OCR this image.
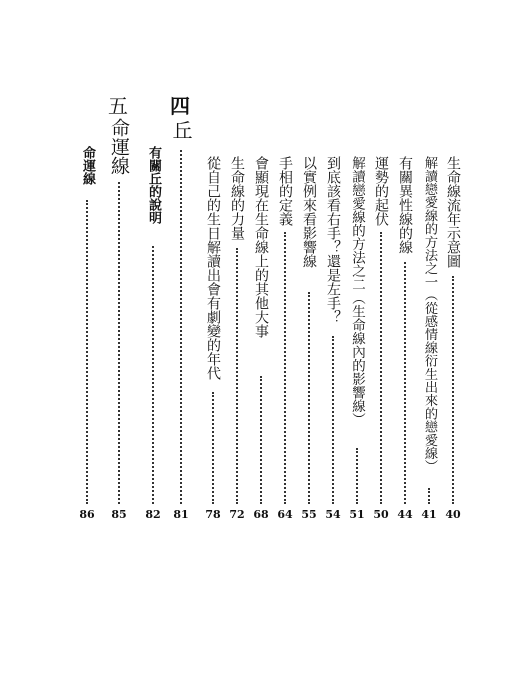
四
五
生命線流年示意圖
40
解讀戀愛線的方法之一（從感情線衍生出來的戀愛線）
41
有關異性線的線
44
運勢的起伏
50
解讀戀愛線的方法之二（生命線內的影響線）
51
到底該看右手？還是左手？
54
以實例來看影響線
55
手相的定義
64
會顯現在生命線上的其他大事
68
生命線的力量
72
從自己的生日解讀出會有劇變的年代
78
丘
81
有關丘的說明
82
命運線
85
命運線
86
